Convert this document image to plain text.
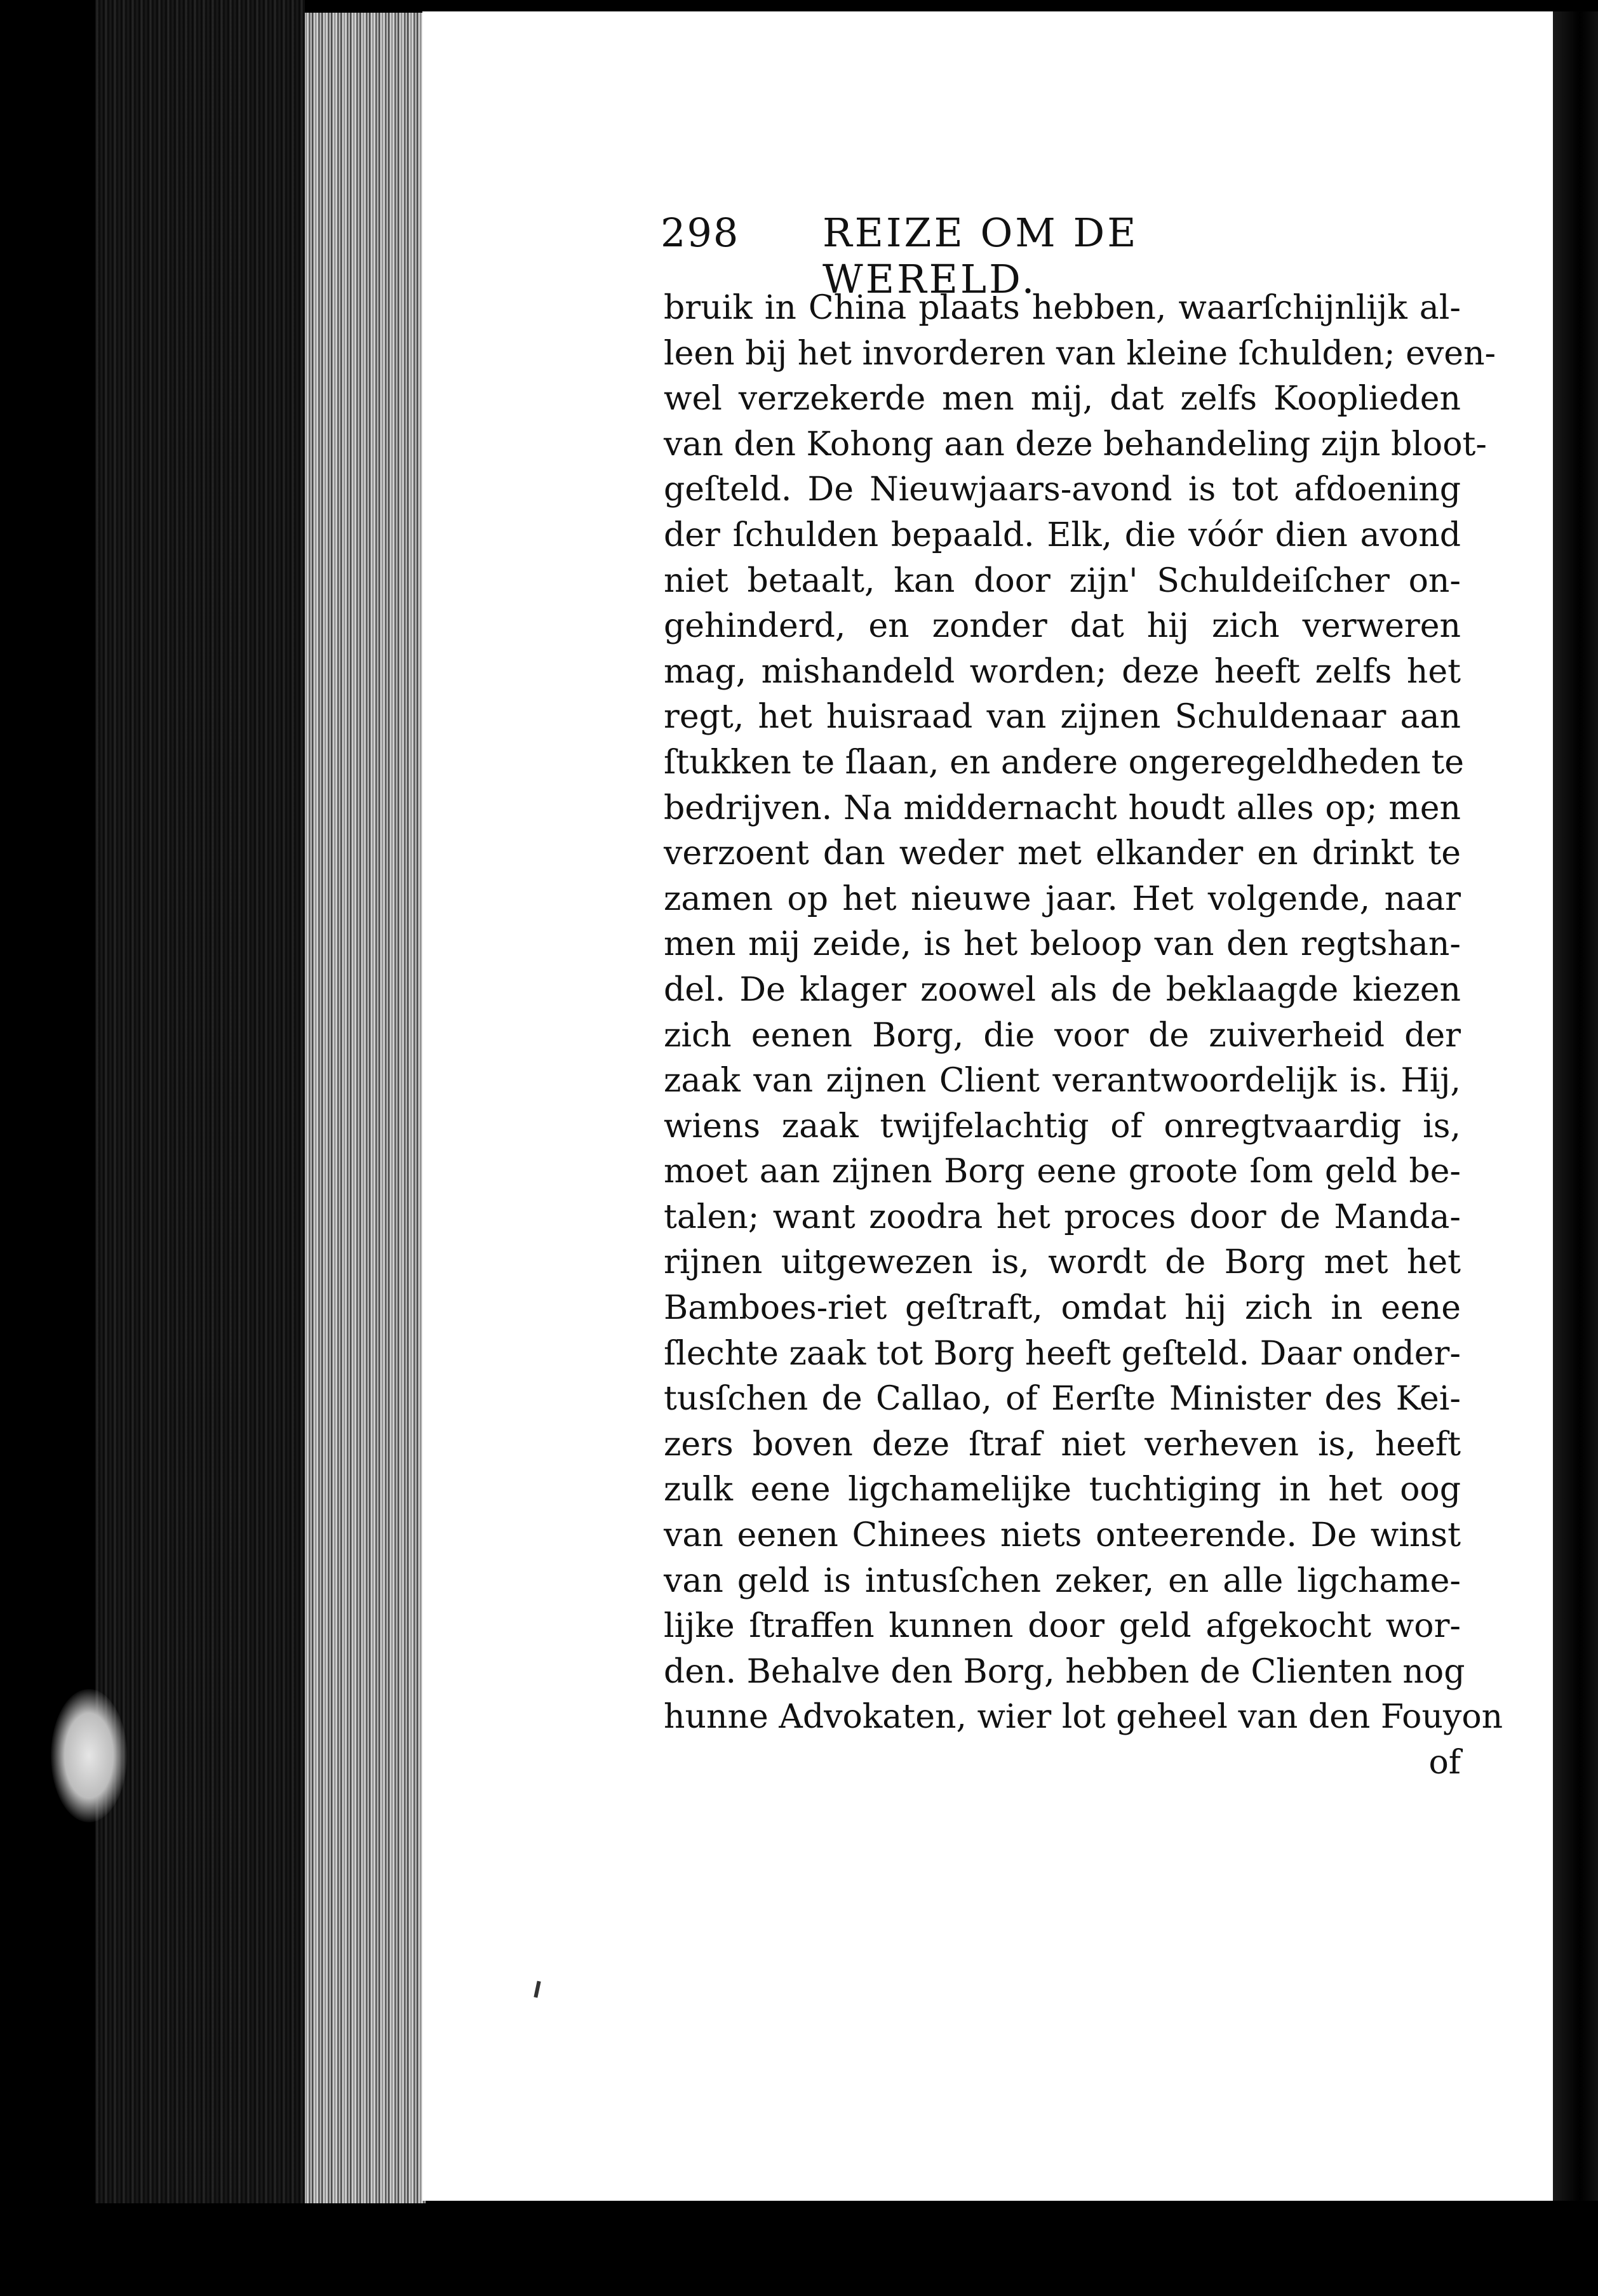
298 REIZE OM DE WERELD.
bruik in China plaats hebben, waarſchijnlijk al-
leen bij het invorderen van kleine ſchulden; even-
wel verzekerde men mij, dat zelfs Kooplieden
van den Kohong aan deze behandeling zijn bloot-
geſteld. De Nieuwjaars-avond is tot afdoening
der ſchulden bepaald. Elk, die vóór dien avond
niet betaalt, kan door zijn' Schuldeiſcher on-
gehinderd, en zonder dat hij zich verweren
mag, mishandeld worden; deze heeft zelfs het
regt, het huisraad van zijnen Schuldenaar aan
ſtukken te ſlaan, en andere ongeregeldheden te
bedrijven. Na middernacht houdt alles op; men
verzoent dan weder met elkander en drinkt te
zamen op het nieuwe jaar. Het volgende, naar
men mij zeide, is het beloop van den regtshan-
del. De klager zoowel als de beklaagde kiezen
zich eenen Borg, die voor de zuiverheid der
zaak van zijnen Client verantwoordelijk is. Hij,
wiens zaak twijfelachtig of onregtvaardig is,
moet aan zijnen Borg eene groote ſom geld be-
talen; want zoodra het proces door de Manda-
rijnen uitgewezen is, wordt de Borg met het
Bamboes-riet geſtraft, omdat hij zich in eene
ſlechte zaak tot Borg heeft geſteld. Daar onder-
tusſchen de Callao, of Eerſte Minister des Kei-
zers boven deze ſtraf niet verheven is, heeft
zulk eene ligchamelijke tuchtiging in het oog
van eenen Chinees niets onteerende. De winst
van geld is intusſchen zeker, en alle ligchame-
lijke ſtraffen kunnen door geld afgekocht wor-
den. Behalve den Borg, hebben de Clienten nog
hunne Advokaten, wier lot geheel van den Fouyon
of
